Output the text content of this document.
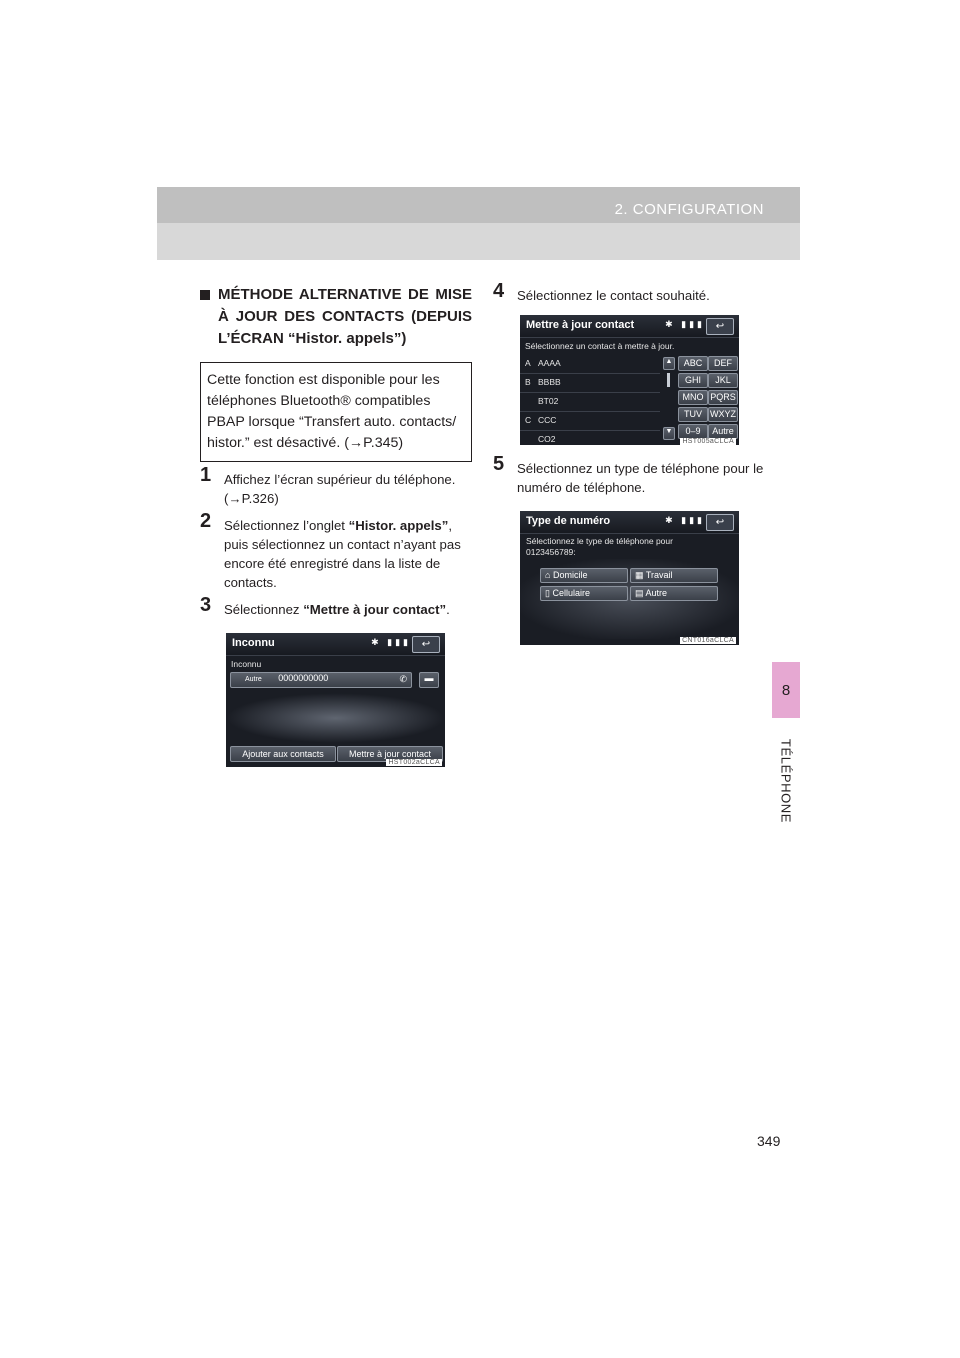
2. CONFIGURATION
8
TÉLÉPHONE
MÉTHODE ALTERNATIVE DE MISE À JOUR DES CONTACTS (DEPUIS L’ÉCRAN “Histor. appels”)
Cette fonction est disponible pour les téléphones Bluetooth® compatibles PBAP lorsque “Transfert auto. contacts/ histor.” est désactivé. (→P.345)
1 Affichez l’écran supérieur du téléphone. (→P.326)
2 Sélectionnez l’onglet “Histor. appels”, puis sélectionnez un contact n’ayant pas encore été enregistré dans la liste de contacts.
3 Sélectionnez “Mettre à jour contact”.
Inconnu	✱ ▮▮▮	↩
Inconnu
Autre 0000000000	✆	▬
Ajouter aux contacts	Mettre à jour contact
HST002aCLCA
4 Sélectionnez le contact souhaité.
Mettre à jour contact	✱ ▮▮▮	↩
Sélectionnez un contact à mettre à jour.
A AAAA
B BBBB
BT02
C CCC
CO2
▲
▼
ABC	DEF
GHI	JKL
MNO PQRS
TUV WXYZ
0–9	Autre
HST005aCLCA
5 Sélectionnez un type de téléphone pour le numéro de téléphone.
Type de numéro	✱ ▮▮▮	↩
Sélectionnez le type de téléphone pour
0123456789:
⌂ Domicile	▦ Travail
▯ Cellulaire	▤ Autre
CNT016aCLCA
349
